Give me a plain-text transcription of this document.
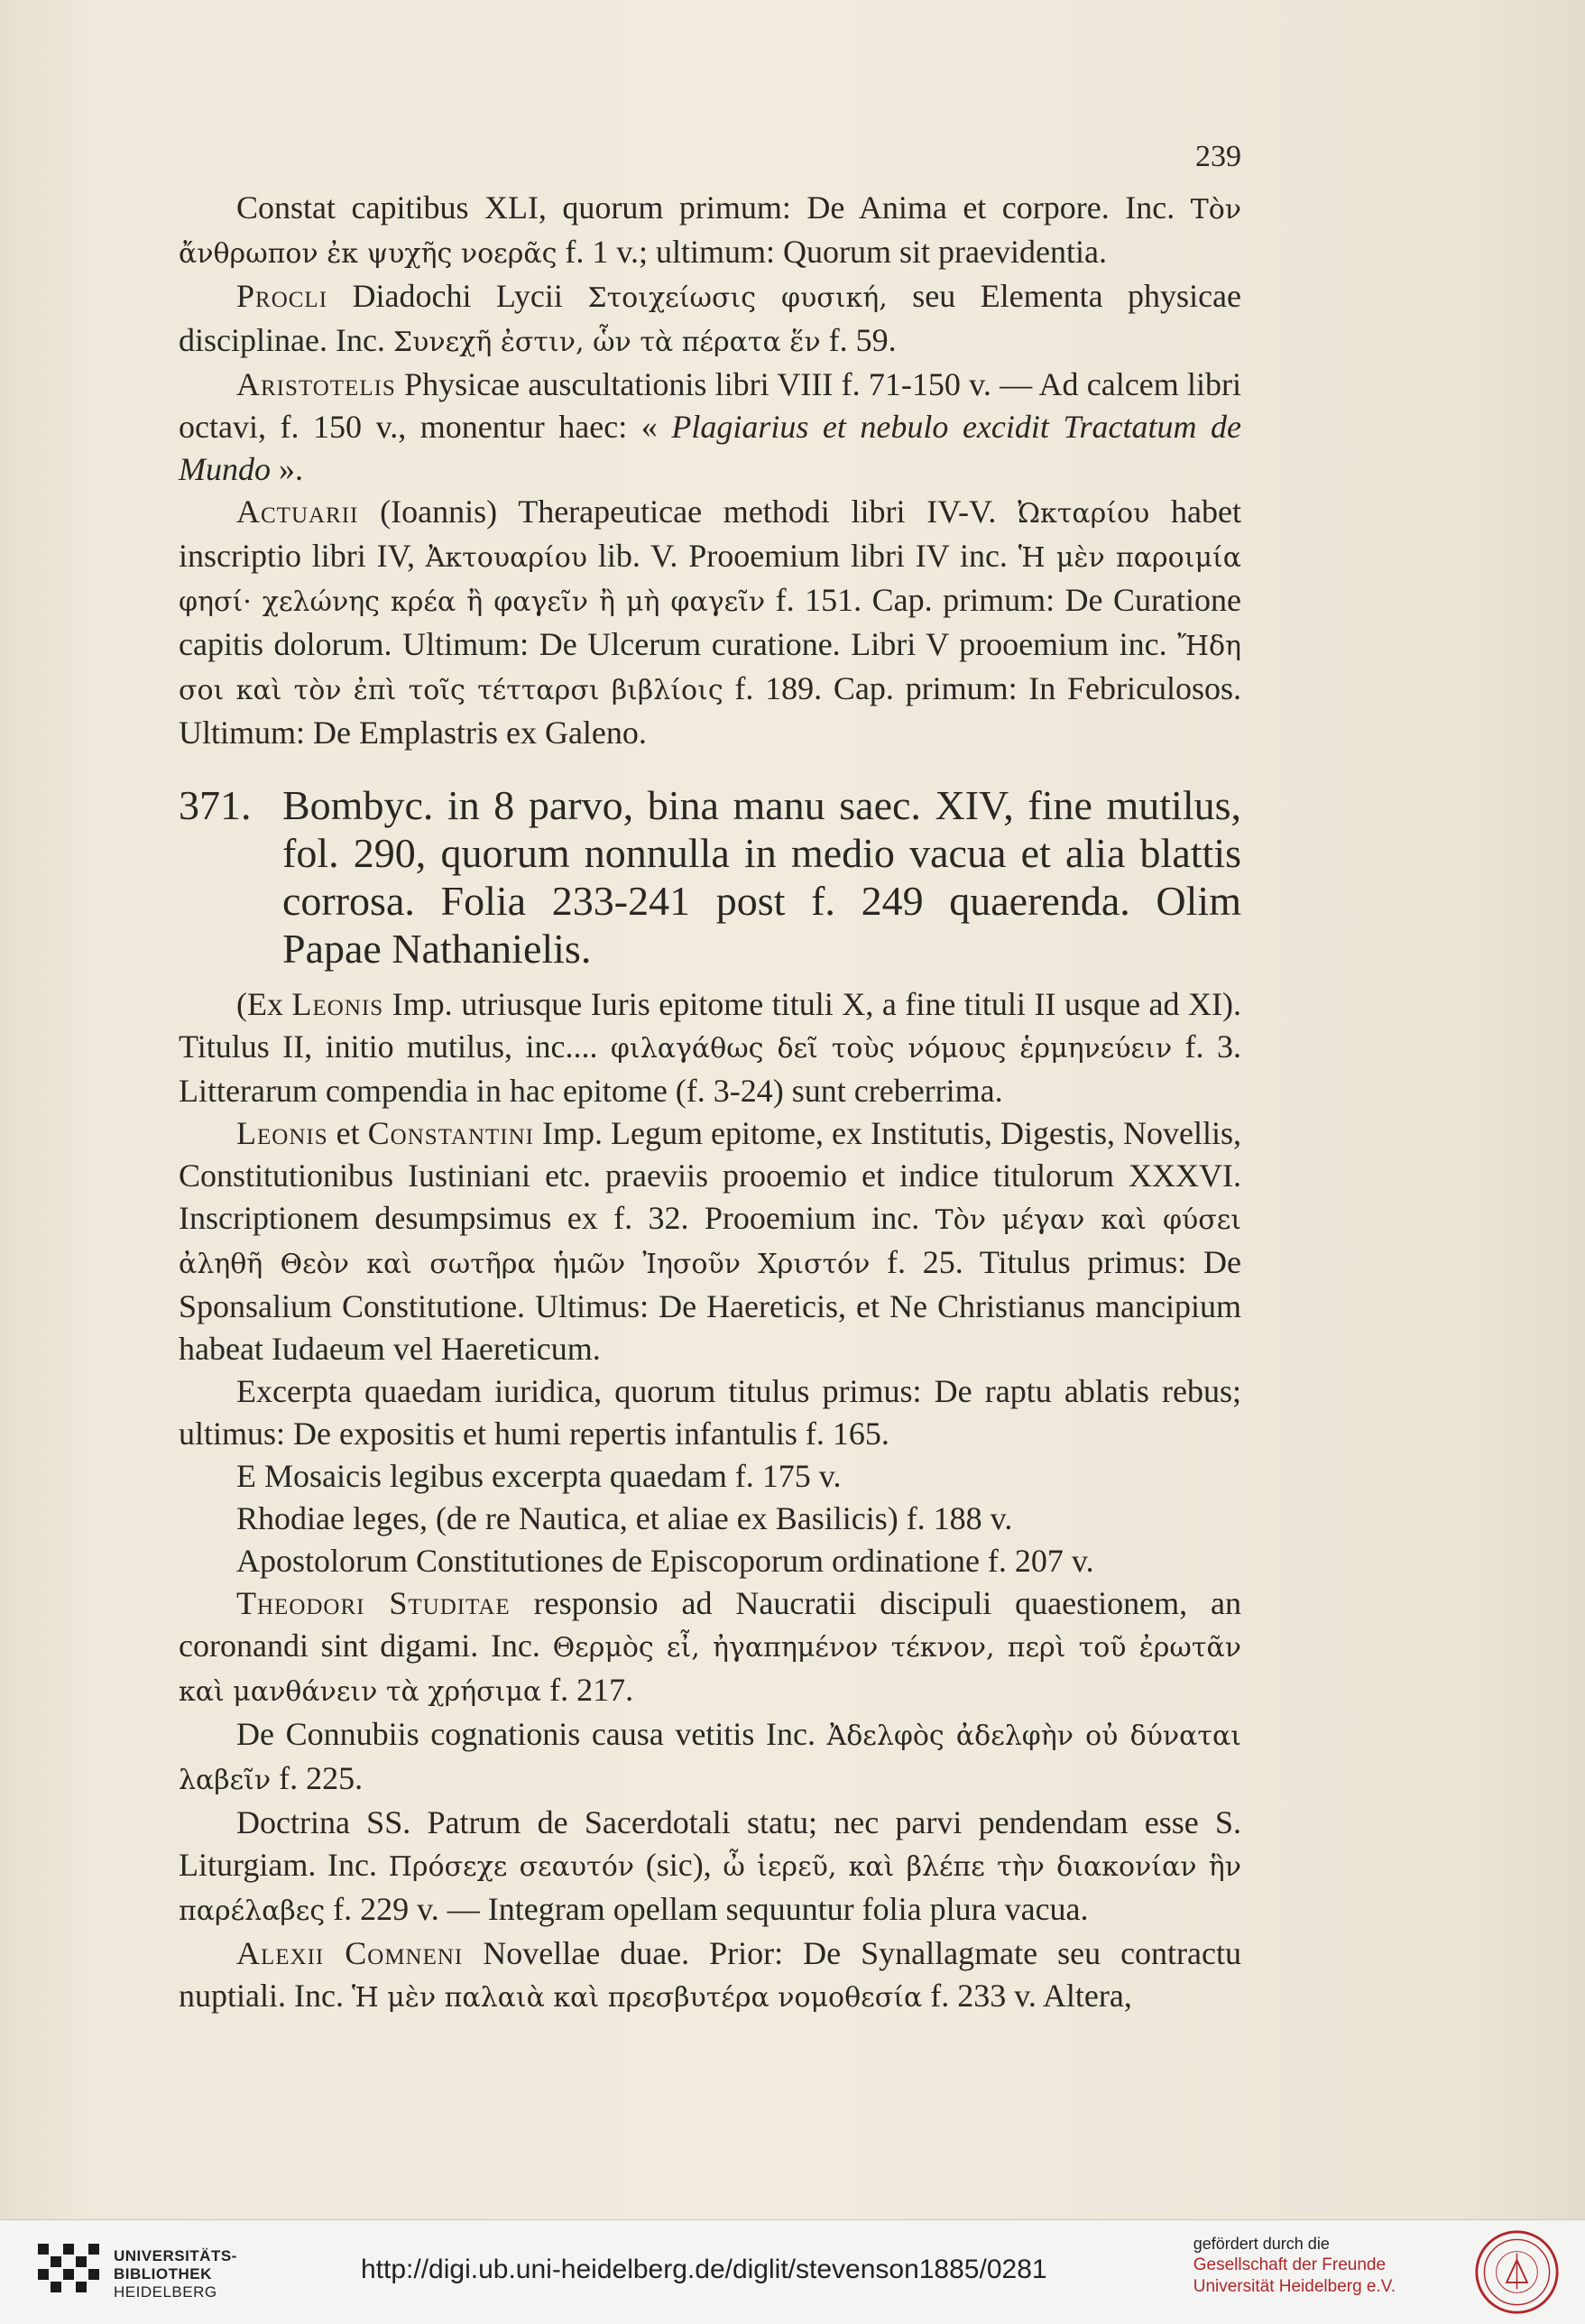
239

Constat capitibus XLI, quorum primum: De Anima et corpore. Inc. Τὸν ἄνθρωπον ἐκ ψυχῆς νοερᾶς f. 1 v.; ultimum: Quorum sit praevidentia.

Procli Diadochi Lycii Στοιχείωσις φυσική, seu Elementa physicae disciplinae. Inc. Συνεχῆ ἐστιν, ὧν τὰ πέρατα ἕν f. 59.

Aristotelis Physicae auscultationis libri VIII f. 71-150 v. — Ad calcem libri octavi, f. 150 v., monentur haec: « Plagiarius et nebulo excidit Tractatum de Mundo ».

Actuarii (Ioannis) Therapeuticae methodi libri IV-V. Ὠκταρίου habet inscriptio libri IV, Ἀκτουαρίου lib. V. Prooemium libri IV inc. Ἡ μὲν παροιμία φησί· χελώνης κρέα ἢ φαγεῖν ἢ μὴ φαγεῖν f. 151. Cap. primum: De Curatione capitis dolorum. Ultimum: De Ulcerum curatione. Libri V prooemium inc. Ἤδη σοι καὶ τὸν ἐπὶ τοῖς τέτταρσι βιβλίοις f. 189. Cap. primum: In Febriculosos. Ultimum: De Emplastris ex Galeno.

371. Bombyc. in 8 parvo, bina manu saec. XIV, fine mutilus, fol. 290, quorum nonnulla in medio vacua et alia blattis corrosa. Folia 233-241 post f. 249 quaerenda. Olim Papae Nathanielis.

(Ex Leonis Imp. utriusque Iuris epitome tituli X, a fine tituli II usque ad XI). Titulus II, initio mutilus, inc.... φιλαγάθως δεῖ τοὺς νόμους ἑρμηνεύειν f. 3. Litterarum compendia in hac epitome (f. 3-24) sunt creberrima.

Leonis et Constantini Imp. Legum epitome, ex Institutis, Digestis, Novellis, Constitutionibus Iustiniani etc. praeviis prooemio et indice titulorum XXXVI. Inscriptionem desumpsimus ex f. 32. Prooemium inc. Τὸν μέγαν καὶ φύσει ἀληθῆ Θεὸν καὶ σωτῆρα ἡμῶν Ἰησοῦν Χριστόν f. 25. Titulus primus: De Sponsalium Constitutione. Ultimus: De Haereticis, et Ne Christianus mancipium habeat Iudaeum vel Haereticum.

Excerpta quaedam iuridica, quorum titulus primus: De raptu ablatis rebus; ultimus: De expositis et humi repertis infantulis f. 165.

E Mosaicis legibus excerpta quaedam f. 175 v.

Rhodiae leges, (de re Nautica, et aliae ex Basilicis) f. 188 v.

Apostolorum Constitutiones de Episcoporum ordinatione f. 207 v.

Theodori Studitae responsio ad Naucratii discipuli quaestionem, an coronandi sint digami. Inc. Θερμὸς εἶ, ἠγαπημένον τέκνον, περὶ τοῦ ἐρωτᾶν καὶ μανθάνειν τὰ χρήσιμα f. 217.

De Connubiis cognationis causa vetitis Inc. Ἀδελφὸς ἀδελφὴν οὐ δύναται λαβεῖν f. 225.

Doctrina SS. Patrum de Sacerdotali statu; nec parvi pendendam esse S. Liturgiam. Inc. Πρόσεχε σεαυτόν (sic), ὦ ἱερεῦ, καὶ βλέπε τὴν διακονίαν ἣν παρέλαβες f. 229 v. — Integram opellam sequuntur folia plura vacua.

Alexii Comneni Novellae duae. Prior: De Synallagmate seu contractu nuptiali. Inc. Ἡ μὲν παλαιὰ καὶ πρεσβυτέρα νομοθεσία f. 233 v. Altera,

UNIVERSITÄTS-
BIBLIOTHEK
HEIDELBERG
http://digi.ub.uni-heidelberg.de/diglit/stevenson1885/0281
gefördert durch die
Gesellschaft der Freunde
Universität Heidelberg e.V.
